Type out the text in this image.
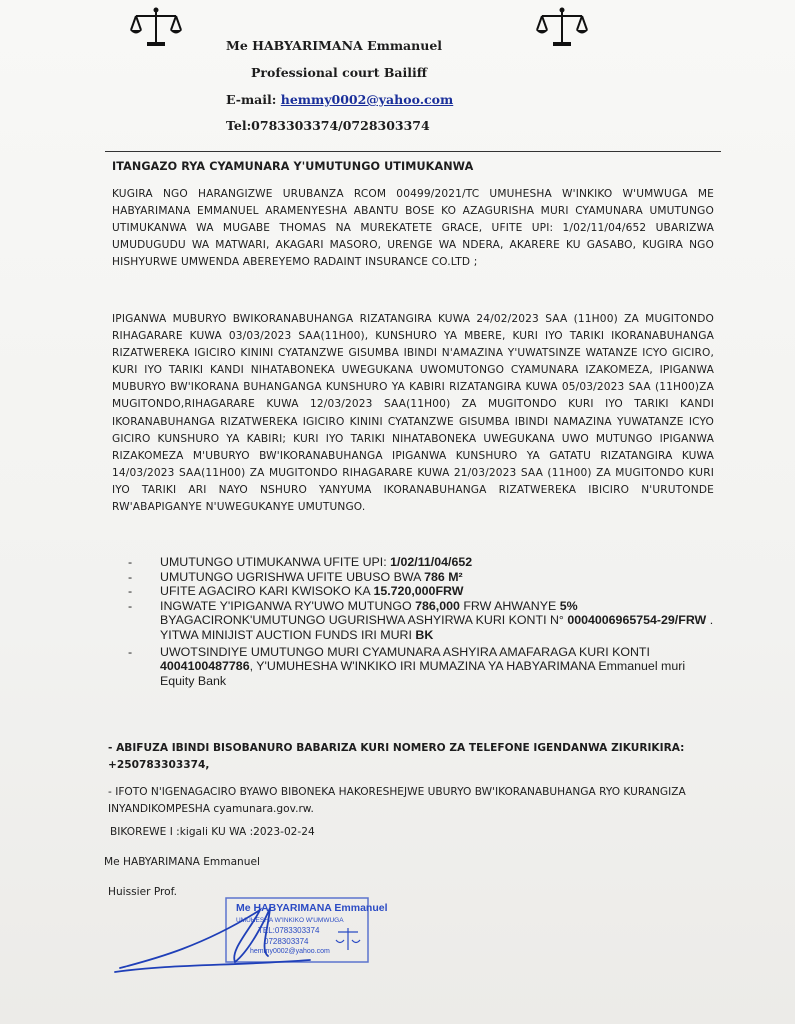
Me HABYARIMANA Emmanuel
Professional court Bailiff
E-mail: hemmy0002@yahoo.com
Tel:0783303374/0728303374
ITANGAZO RYA CYAMUNARA Y'UMUTUNGO UTIMUKANWA
KUGIRA NGO HARANGIZWE URUBANZA RCOM 00499/2021/TC UMUHESHA W'INKIKO W'UMWUGA ME HABYARIMANA EMMANUEL ARAMENYESHA ABANTU BOSE KO AZAGURISHA MURI CYAMUNARA UMUTUNGO UTIMUKANWA WA MUGABE THOMAS NA MUREKATETE GRACE, UFITE UPI: 1/02/11/04/652 UBARIZWA UMUDUGUDU WA MATWARI, AKAGARI MASORO, URENGE WA NDERA, AKARERE KU GASABO, KUGIRA NGO HISHYURWE UMWENDA ABEREYEMO RADAINT INSURANCE CO.LTD ;
IPIGANWA MUBURYO BWIKORANABUHANGA RIZATANGIRA KUWA 24/02/2023 SAA (11H00) ZA MUGITONDO RIHAGARARE KUWA 03/03/2023 SAA(11H00), KUNSHURO YA MBERE, KURI IYO TARIKI IKORANABUHANGA RIZATWEREKA IGICIRO KININI CYATANZWE GISUMBA IBINDI N'AMAZINA Y'UWATSINZE WATANZE ICYO GICIRO, KURI IYO TARIKI KANDI NIHATABONEKA UWEGUKANA UWOMUTONGO CYAMUNARA IZAKOMEZA, IPIGANWA MUBURYO BW'IKORANA BUHANGANGA KUNSHURO YA KABIRI RIZATANGIRA KUWA 05/03/2023 SAA (11H00)ZA MUGITONDO,RIHAGARARE KUWA 12/03/2023 SAA(11H00) ZA MUGITONDO KURI IYO TARIKI KANDI IKORANABUHANGA RIZATWEREKA IGICIRO KININI CYATANZWE GISUMBA IBINDI NAMAZINA YUWATANZE ICYO GICIRO KUNSHURO YA KABIRI; KURI IYO TARIKI NIHATABONEKA UWEGUKANA UWO MUTUNGO IPIGANWA RIZAKOMEZA M'UBURYO BW'IKORANABUHANGA IPIGANWA KUNSHURO YA GATATU RIZATANGIRA KUWA 14/03/2023 SAA(11H00) ZA MUGITONDO RIHAGARARE KUWA 21/03/2023 SAA (11H00) ZA MUGITONDO KURI IYO TARIKI ARI NAYO NSHURO YANYUMA IKORANABUHANGA RIZATWEREKA IBICIRO N'URUTONDE RW'ABAPIGANYE N'UWEGUKANYE UMUTUNGO.
- UMUTUNGO UTIMUKANWA UFITE UPI: 1/02/11/04/652
- UMUTUNGO UGRISHWA UFITE UBUSO BWA 786 M²
- UFITE AGACIRO KARI KWISOKO KA 15.720,000FRW
- INGWATE Y'IPIGANWA RY'UWO MUTUNGO 786,000 FRW AHWANYE 5% BYAGACIRONK'UMUTUNGO UGURISHWA ASHYIRWA KURI KONTI N° 0004006965754-29/FRW . YITWA MINIJIST AUCTION FUNDS IRI MURI BK
- UWOTSINDIYE UMUTUNGO MURI CYAMUNARA ASHYIRA AMAFARAGA KURI KONTI 4004100487786, Y'UMUHESHA W'INKIKO IRI MUMAZINA YA HABYARIMANA Emmanuel muri Equity Bank
- ABIFUZA IBINDI BISOBANURO BABARIZA KURI NOMERO ZA TELEFONE IGENDANWA ZIKURIKIRA: +250783303374,
- IFOTO N'IGENAGACIRO BYAWO BIBONEKA HAKORESHEJWE UBURYO BW'IKORANABUHANGA RYO KURANGIZA INYANDIKOMPESHA cyamunara.gov.rw.
BIKOREWE I :kigali KU WA :2023-02-24
Me HABYARIMANA Emmanuel
Huissier Prof.
Me HABYARIMANA Emmanuel
UMUHESHA W'INKIKO W'UMWUGA
TEL:0783303374
0728303374
hemmy0002@yahoo.com
